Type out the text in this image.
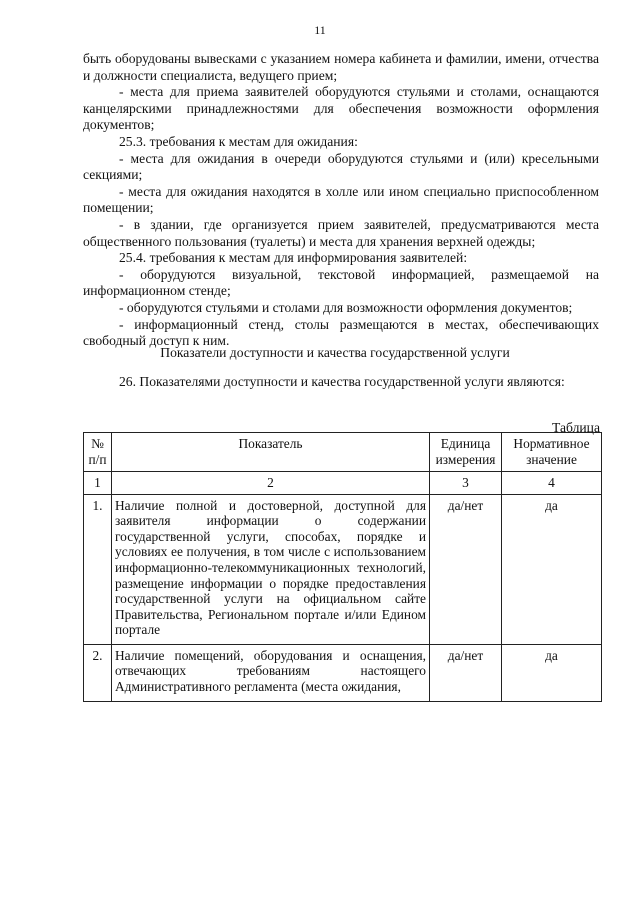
11

быть оборудованы вывесками с указанием номера кабинета и фамилии, имени, отчества и должности специалиста, ведущего прием;

- места для приема заявителей оборудуются стульями и столами, оснащаются канцелярскими принадлежностями для обеспечения возможности оформления документов;

25.3. требования к местам для ожидания:

- места для ожидания в очереди оборудуются стульями и (или) кресельными секциями;

- места для ожидания находятся в холле или ином специально приспособленном помещении;

- в здании, где организуется прием заявителей, предусматриваются места общественного пользования (туалеты) и места для хранения верхней одежды;

25.4. требования к местам для информирования заявителей:

- оборудуются визуальной, текстовой информацией, размещаемой на информационном стенде;

- оборудуются стульями и столами для возможности оформления документов;

- информационный стенд, столы размещаются в местах, обеспечивающих свободный доступ к ним.

Показатели доступности и качества государственной услуги

26. Показателями доступности и качества государственной услуги являются:

Таблица
№ п/п	Показатель	Единица измерения	Нормативное значение
1	2	3	4
1.	Наличие полной и достоверной, доступной для заявителя информации о содержании государственной услуги, способах, порядке и условиях ее получения, в том числе с использованием информационно-телекоммуникационных технологий, размещение информации о порядке предоставления государственной услуги на официальном сайте Правительства, Региональном портале и/или Едином портале	да/нет	да
2.	Наличие помещений, оборудования и оснащения, отвечающих требованиям настоящего Административного регламента (места ожидания,	да/нет	да
